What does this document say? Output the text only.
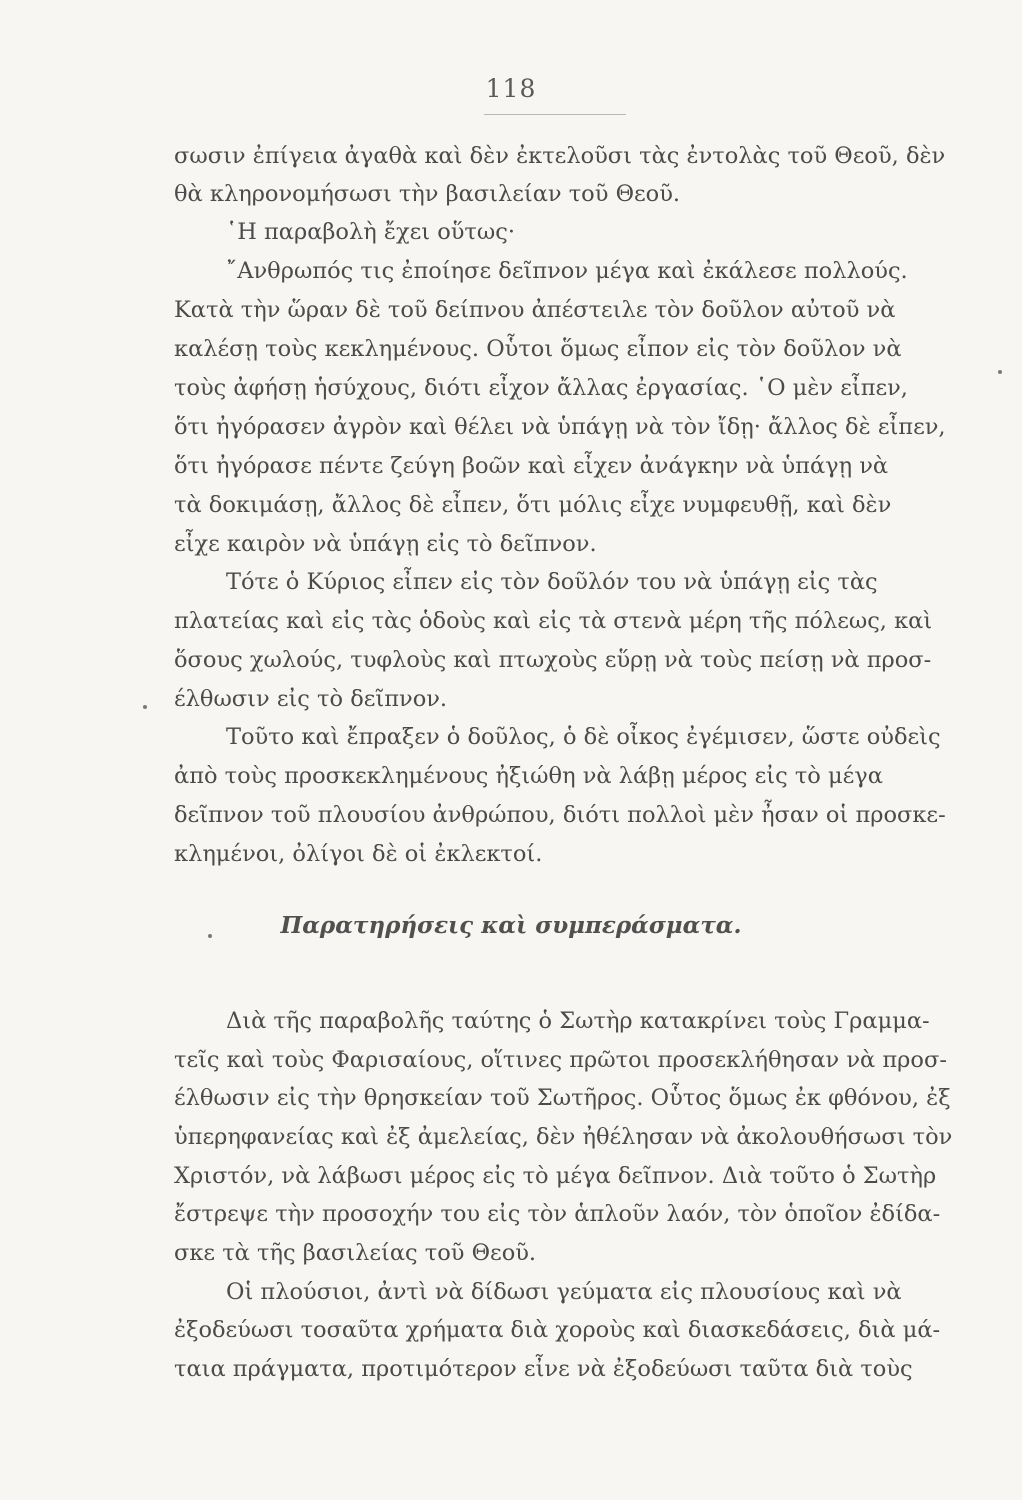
118
σωσιν ἐπίγεια ἀγαθὰ καὶ δὲν ἐκτελοῦσι τὰς ἐντολὰς τοῦ Θεοῦ, δὲν
θὰ κληρονομήσωσι τὴν βασιλείαν τοῦ Θεοῦ.
῾Η παραβολὴ ἔχει οὕτως·
῎Ανθρωπός τις ἐποίησε δεῖπνον μέγα καὶ ἐκάλεσε πολλούς.
Κατὰ τὴν ὥραν δὲ τοῦ δείπνου ἀπέστειλε τὸν δοῦλον αὐτοῦ νὰ
καλέσῃ τοὺς κεκλημένους. Οὗτοι ὅμως εἶπον εἰς τὸν δοῦλον νὰ
τοὺς ἀφήσῃ ἡσύχους, διότι εἶχον ἄλλας ἐργασίας. ῾Ο μὲν εἶπεν,
ὅτι ἠγόρασεν ἀγρὸν καὶ θέλει νὰ ὑπάγῃ νὰ τὸν ἴδῃ· ἄλλος δὲ εἶπεν,
ὅτι ἠγόρασε πέντε ζεύγη βοῶν καὶ εἶχεν ἀνάγκην νὰ ὑπάγῃ νὰ
τὰ δοκιμάσῃ, ἄλλος δὲ εἶπεν, ὅτι μόλις εἶχε νυμφευθῇ, καὶ δὲν
εἶχε καιρὸν νὰ ὑπάγῃ εἰς τὸ δεῖπνον.
Τότε ὁ Κύριος εἶπεν εἰς τὸν δοῦλόν του νὰ ὑπάγῃ εἰς τὰς
πλατείας καὶ εἰς τὰς ὁδοὺς καὶ εἰς τὰ στενὰ μέρη τῆς πόλεως, καὶ
ὅσους χωλούς, τυφλοὺς καὶ πτωχοὺς εὕρῃ νὰ τοὺς πείσῃ νὰ προσ-
έλθωσιν εἰς τὸ δεῖπνον.
Τοῦτο καὶ ἔπραξεν ὁ δοῦλος, ὁ δὲ οἶκος ἐγέμισεν, ὥστε οὐδεὶς
ἀπὸ τοὺς προσκεκλημένους ἠξιώθη νὰ λάβῃ μέρος εἰς τὸ μέγα
δεῖπνον τοῦ πλουσίου ἀνθρώπου, διότι πολλοὶ μὲν ἦσαν οἱ προσκε-
κλημένοι, ὀλίγοι δὲ οἱ ἐκλεκτοί.
Διὰ τῆς παραβολῆς ταύτης ὁ Σωτὴρ κατακρίνει τοὺς Γραμμα-
τεῖς καὶ τοὺς Φαρισαίους, οἵτινες πρῶτοι προσεκλήθησαν νὰ προσ-
έλθωσιν εἰς τὴν θρησκείαν τοῦ Σωτῆρος. Οὗτος ὅμως ἐκ φθόνου, ἐξ
ὑπερηφανείας καὶ ἐξ ἀμελείας, δὲν ἠθέλησαν νὰ ἀκολουθήσωσι τὸν
Χριστόν, νὰ λάβωσι μέρος εἰς τὸ μέγα δεῖπνον. Διὰ τοῦτο ὁ Σωτὴρ
ἔστρεψε τὴν προσοχήν του εἰς τὸν ἁπλοῦν λαόν, τὸν ὁποῖον ἐδίδα-
σκε τὰ τῆς βασιλείας τοῦ Θεοῦ.
Οἱ πλούσιοι, ἀντὶ νὰ δίδωσι γεύματα εἰς πλουσίους καὶ νὰ
ἐξοδεύωσι τοσαῦτα χρήματα διὰ χοροὺς καὶ διασκεδάσεις, διὰ μά-
ταια πράγματα, προτιμότερον εἶνε νὰ ἐξοδεύωσι ταῦτα διὰ τοὺς
Παρατηρήσεις καὶ συμπεράσματα.
